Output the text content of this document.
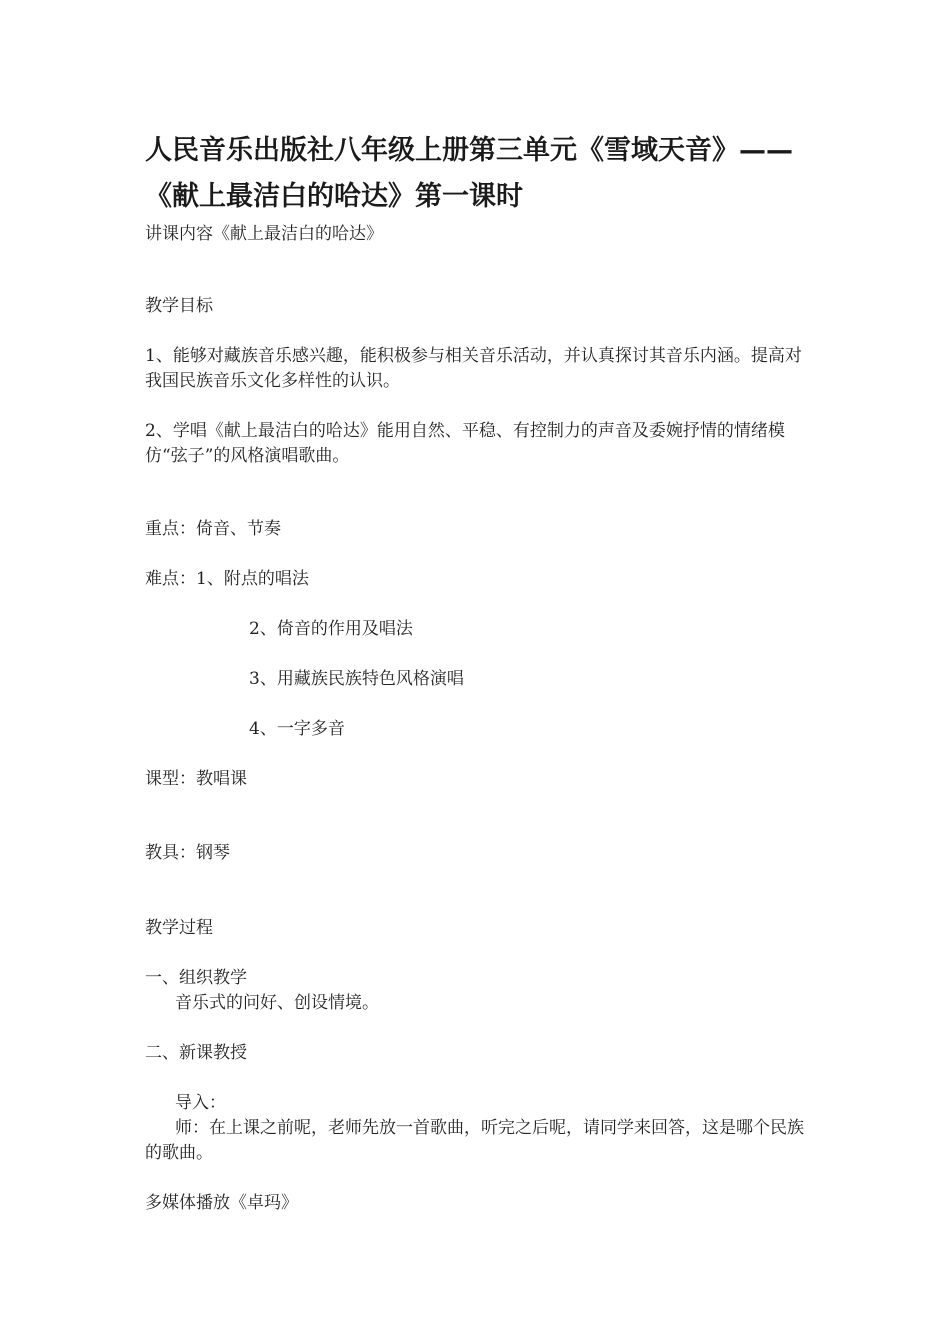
人民音乐出版社八年级上册第三单元《雪域天音》——《献上最洁白的哈达》第一课时

讲课内容《献上最洁白的哈达》

教学目标

1、能够对藏族音乐感兴趣，能积极参与相关音乐活动，并认真探讨其音乐内涵。提高对我国民族音乐文化多样性的认识。

2、学唱《献上最洁白的哈达》能用自然、平稳、有控制力的声音及委婉抒情的情绪模仿“弦子”的风格演唱歌曲。

重点：倚音、节奏

难点：1、附点的唱法

2、倚音的作用及唱法

3、用藏族民族特色风格演唱

4、一字多音

课型：教唱课

教具：钢琴

教学过程

一、组织教学

音乐式的问好、创设情境。

二、新课教授

导入：

师：在上课之前呢，老师先放一首歌曲，听完之后呢，请同学来回答，这是哪个民族的歌曲。

多媒体播放《卓玛》
